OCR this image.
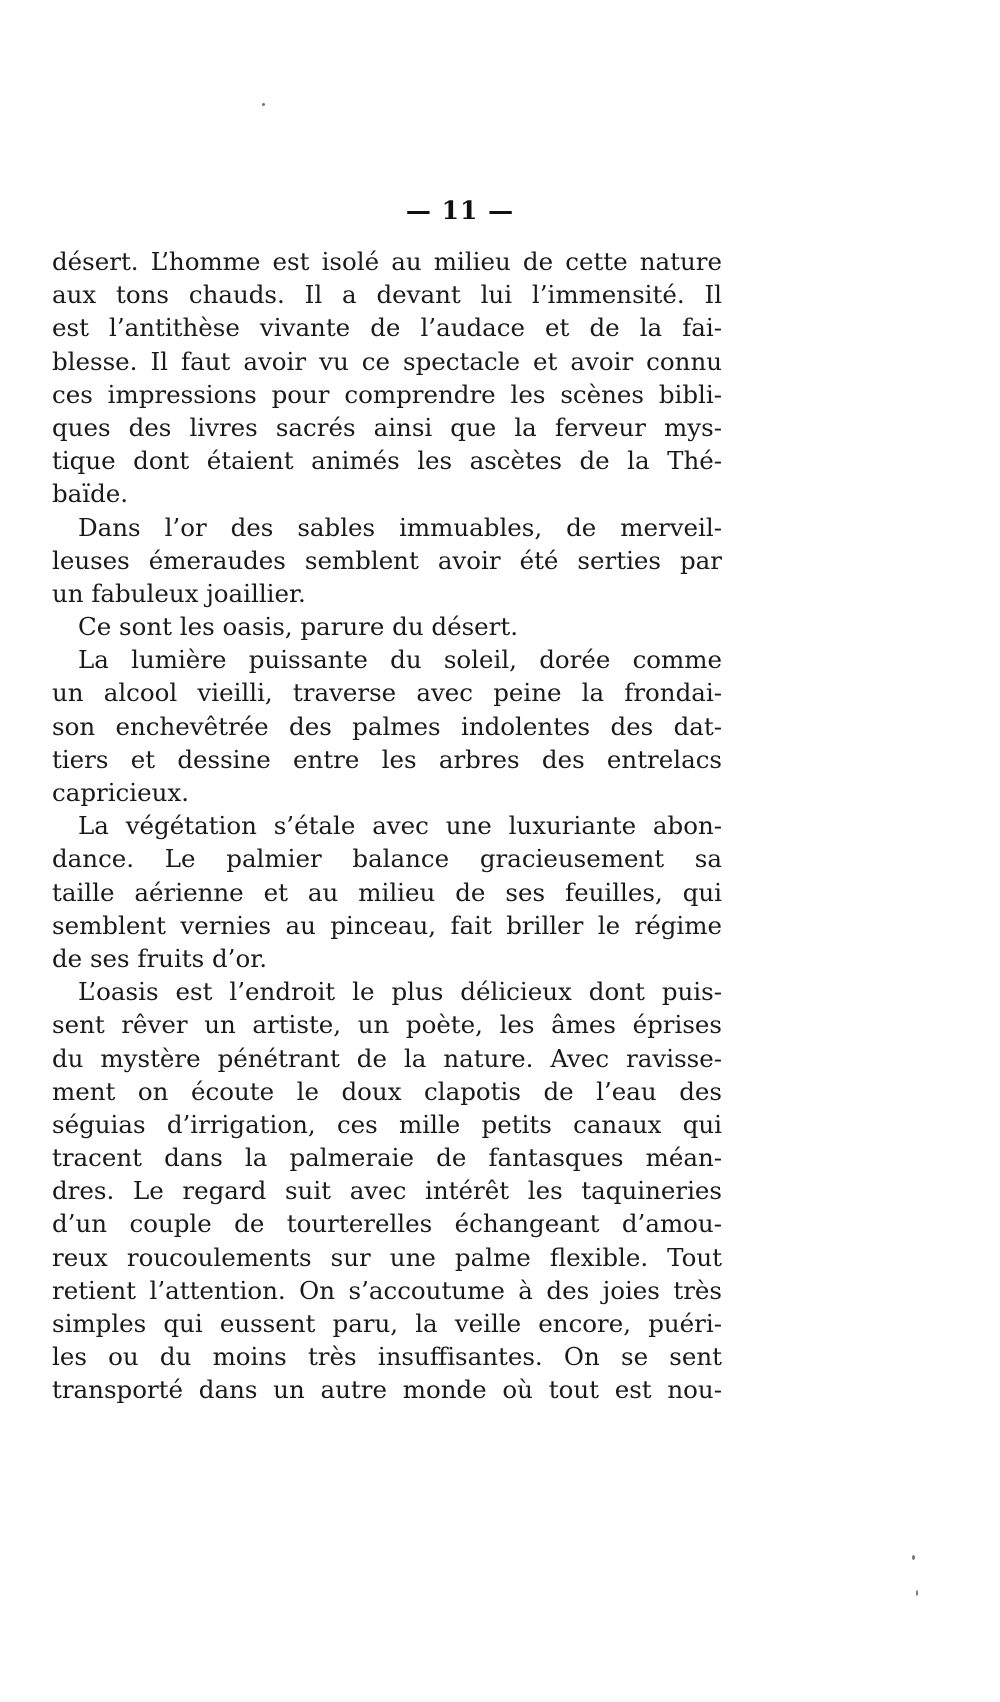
— 11 —
désert. L’homme est isolé au milieu de cette nature
aux tons chauds. Il a devant lui l’immensité. Il
est l’antithèse vivante de l’audace et de la fai-
blesse. Il faut avoir vu ce spectacle et avoir connu
ces impressions pour comprendre les scènes bibli-
ques des livres sacrés ainsi que la ferveur mys-
tique dont étaient animés les ascètes de la Thé-
baïde.
Dans l’or des sables immuables, de merveil-
leuses émeraudes semblent avoir été serties par
un fabuleux joaillier.
Ce sont les oasis, parure du désert.
La lumière puissante du soleil, dorée comme
un alcool vieilli, traverse avec peine la frondai-
son enchevêtrée des palmes indolentes des dat-
tiers et dessine entre les arbres des entrelacs
capricieux.
La végétation s’étale avec une luxuriante abon-
dance. Le palmier balance gracieusement sa
taille aérienne et au milieu de ses feuilles, qui
semblent vernies au pinceau, fait briller le régime
de ses fruits d’or.
L’oasis est l’endroit le plus délicieux dont puis-
sent rêver un artiste, un poète, les âmes éprises
du mystère pénétrant de la nature. Avec ravisse-
ment on écoute le doux clapotis de l’eau des
séguias d’irrigation, ces mille petits canaux qui
tracent dans la palmeraie de fantasques méan-
dres. Le regard suit avec intérêt les taquineries
d’un couple de tourterelles échangeant d’amou-
reux roucoulements sur une palme flexible. Tout
retient l’attention. On s’accoutume à des joies très
simples qui eussent paru, la veille encore, puéri-
les ou du moins très insuffisantes. On se sent
transporté dans un autre monde où tout est nou-
